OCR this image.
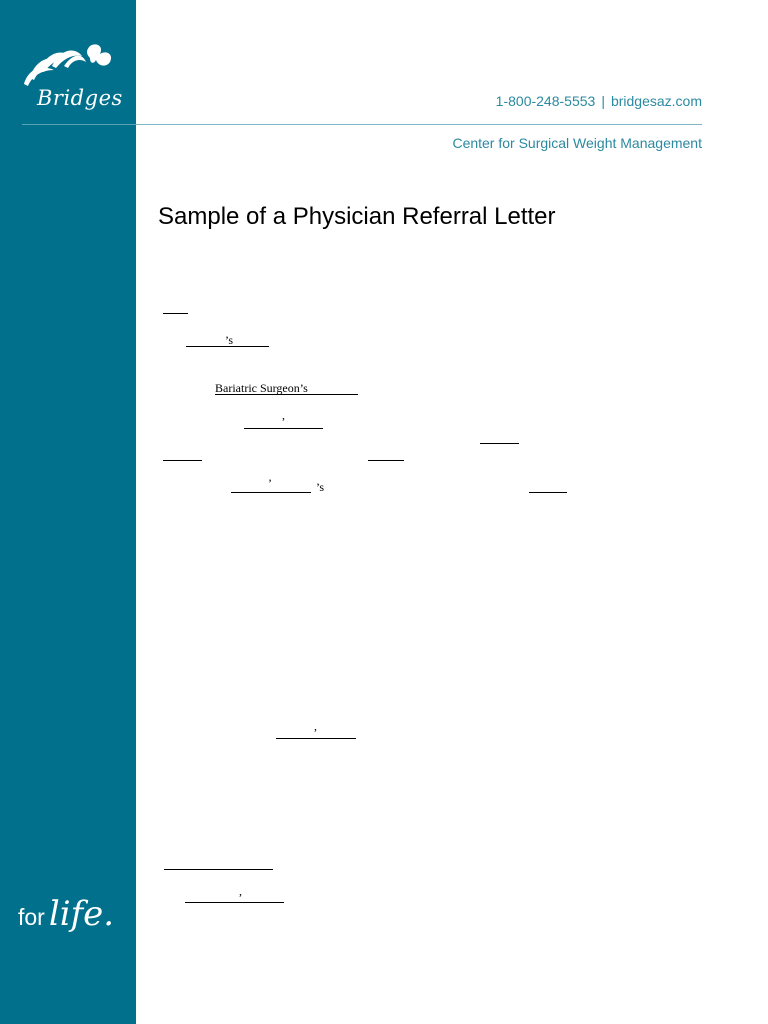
Bridges
for life.
1-800-248-5553 | bridgesaz.com
Center for Surgical Weight Management
Sample of a Physician Referral Letter
’s
Bariatric Surgeon’s
,
’	’s
,
,
